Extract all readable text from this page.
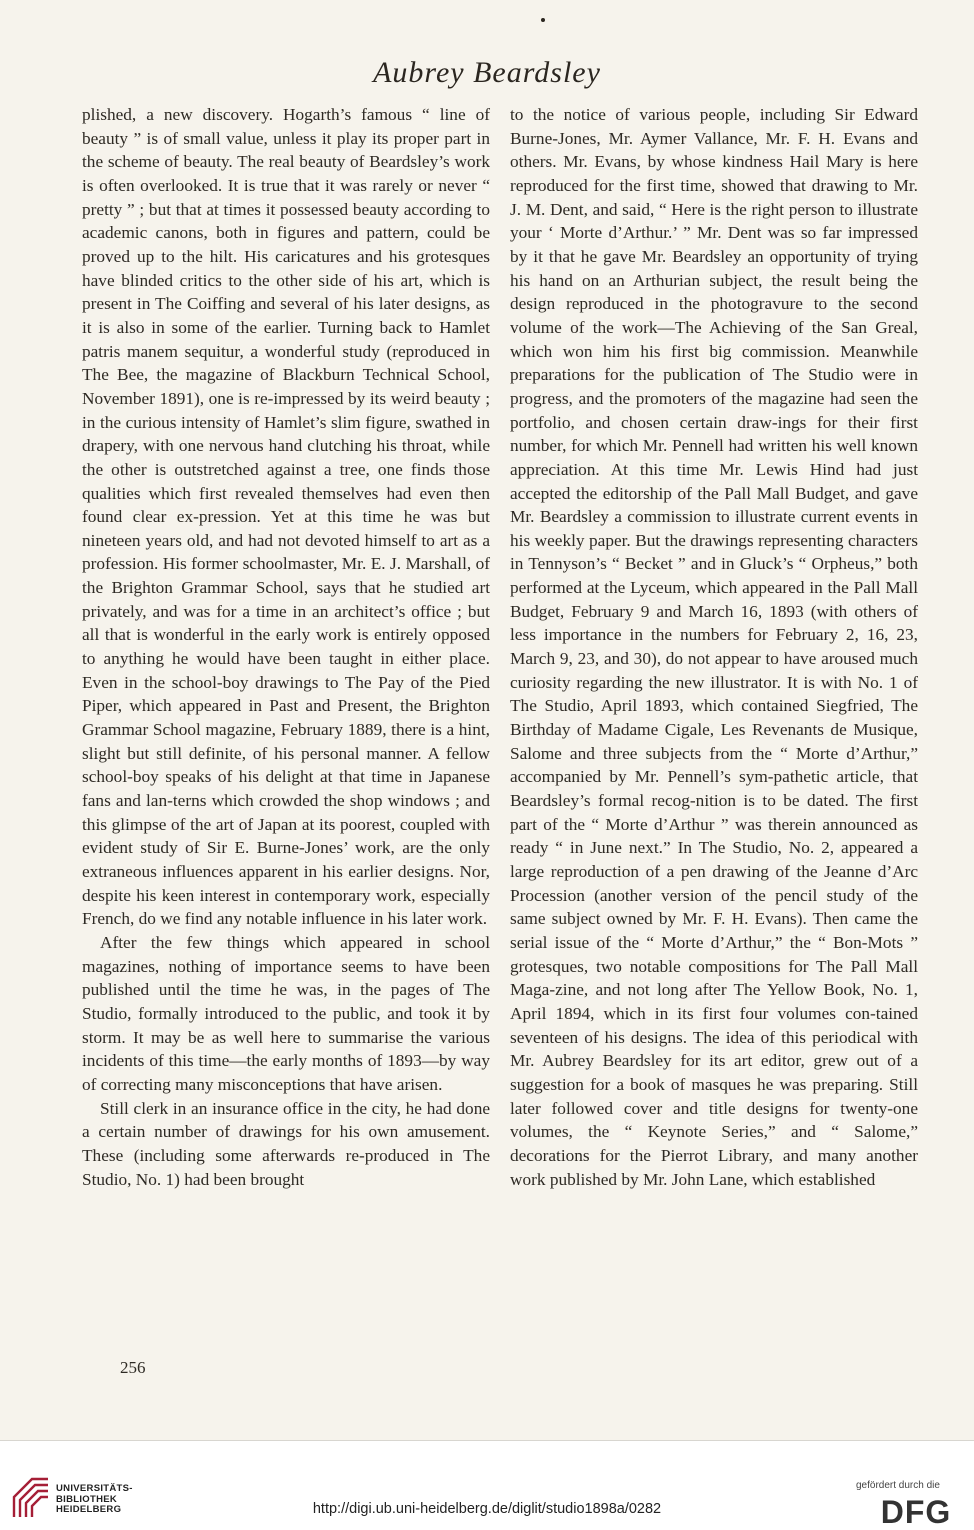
Aubrey Beardsley

plished, a new discovery. Hogarth’s famous “ line of beauty ” is of small value, unless it play its proper part in the scheme of beauty. The real beauty of Beardsley’s work is often overlooked. It is true that it was rarely or never “ pretty ” ; but that at times it possessed beauty according to academic canons, both in figures and pattern, could be proved up to the hilt. His caricatures and his grotesques have blinded critics to the other side of his art, which is present in The Coiffing and several of his later designs, as it is also in some of the earlier. Turning back to Hamlet patris manem sequitur, a wonderful study (reproduced in The Bee, the magazine of Blackburn Technical School, November 1891), one is re-impressed by its weird beauty ; in the curious intensity of Hamlet’s slim figure, swathed in drapery, with one nervous hand clutching his throat, while the other is outstretched against a tree, one finds those qualities which first revealed themselves had even then found clear ex-pression. Yet at this time he was but nineteen years old, and had not devoted himself to art as a profession. His former schoolmaster, Mr. E. J. Marshall, of the Brighton Grammar School, says that he studied art privately, and was for a time in an architect’s office ; but all that is wonderful in the early work is entirely opposed to anything he would have been taught in either place. Even in the school-boy drawings to The Pay of the Pied Piper, which appeared in Past and Present, the Brighton Grammar School magazine, February 1889, there is a hint, slight but still definite, of his personal manner. A fellow school-boy speaks of his delight at that time in Japanese fans and lan-terns which crowded the shop windows ; and this glimpse of the art of Japan at its poorest, coupled with evident study of Sir E. Burne-Jones’ work, are the only extraneous influences apparent in his earlier designs. Nor, despite his keen interest in contemporary work, especially French, do we find any notable influence in his later work.

After the few things which appeared in school magazines, nothing of importance seems to have been published until the time he was, in the pages of The Studio, formally introduced to the public, and took it by storm. It may be as well here to summarise the various incidents of this time—the early months of 1893—by way of correcting many misconceptions that have arisen.

Still clerk in an insurance office in the city, he had done a certain number of drawings for his own amusement. These (including some afterwards re-produced in The Studio, No. 1) had been brought

to the notice of various people, including Sir Edward Burne-Jones, Mr. Aymer Vallance, Mr. F. H. Evans and others. Mr. Evans, by whose kindness Hail Mary is here reproduced for the first time, showed that drawing to Mr. J. M. Dent, and said, “ Here is the right person to illustrate your ‘ Morte d’Arthur.’ ” Mr. Dent was so far impressed by it that he gave Mr. Beardsley an opportunity of trying his hand on an Arthurian subject, the result being the design reproduced in the photogravure to the second volume of the work—The Achieving of the San Greal, which won him his first big commission. Meanwhile preparations for the publication of The Studio were in progress, and the promoters of the magazine had seen the portfolio, and chosen certain draw-ings for their first number, for which Mr. Pennell had written his well known appreciation. At this time Mr. Lewis Hind had just accepted the editorship of the Pall Mall Budget, and gave Mr. Beardsley a commission to illustrate current events in his weekly paper. But the drawings representing characters in Tennyson’s “ Becket ” and in Gluck’s “ Orpheus,” both performed at the Lyceum, which appeared in the Pall Mall Budget, February 9 and March 16, 1893 (with others of less importance in the numbers for February 2, 16, 23, March 9, 23, and 30), do not appear to have aroused much curiosity regarding the new illustrator. It is with No. 1 of The Studio, April 1893, which contained Siegfried, The Birthday of Madame Cigale, Les Revenants de Musique, Salome and three subjects from the “ Morte d’Arthur,” accompanied by Mr. Pennell’s sym-pathetic article, that Beardsley’s formal recog-nition is to be dated. The first part of the “ Morte d’Arthur ” was therein announced as ready “ in June next.” In The Studio, No. 2, appeared a large reproduction of a pen drawing of the Jeanne d’Arc Procession (another version of the pencil study of the same subject owned by Mr. F. H. Evans). Then came the serial issue of the “ Morte d’Arthur,” the “ Bon-Mots ” grotesques, two notable compositions for The Pall Mall Maga-zine, and not long after The Yellow Book, No. 1, April 1894, which in its first four volumes con-tained seventeen of his designs. The idea of this periodical with Mr. Aubrey Beardsley for its art editor, grew out of a suggestion for a book of masques he was preparing. Still later followed cover and title designs for twenty-one volumes, the “ Keynote Series,” and “ Salome,” decorations for the Pierrot Library, and many another work published by Mr. John Lane, which established

256
UNIVERSITÄTS-
BIBLIOTHEK
HEIDELBERG	http://digi.ub.uni-heidelberg.de/diglit/studio1898a/0282
gefördert durch die
DFG
